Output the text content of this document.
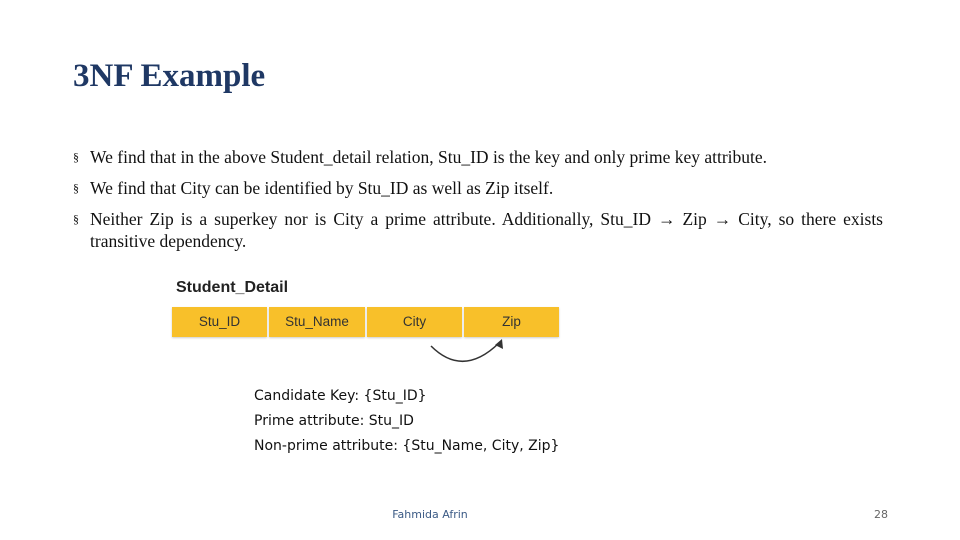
3NF Example
§ We find that in the above Student_detail relation, Stu_ID is the key and only prime key attribute.
§ We find that City can be identified by Stu_ID as well as Zip itself.
§ Neither Zip is a superkey nor is City a prime attribute. Additionally, Stu_ID → Zip → City, so there exists transitive dependency.
Student_Detail
Stu_ID	Stu_Name	City	Zip
Candidate Key: {Stu_ID}
Prime attribute: Stu_ID
Non-prime attribute: {Stu_Name, City, Zip}
Fahmida Afrin	28
